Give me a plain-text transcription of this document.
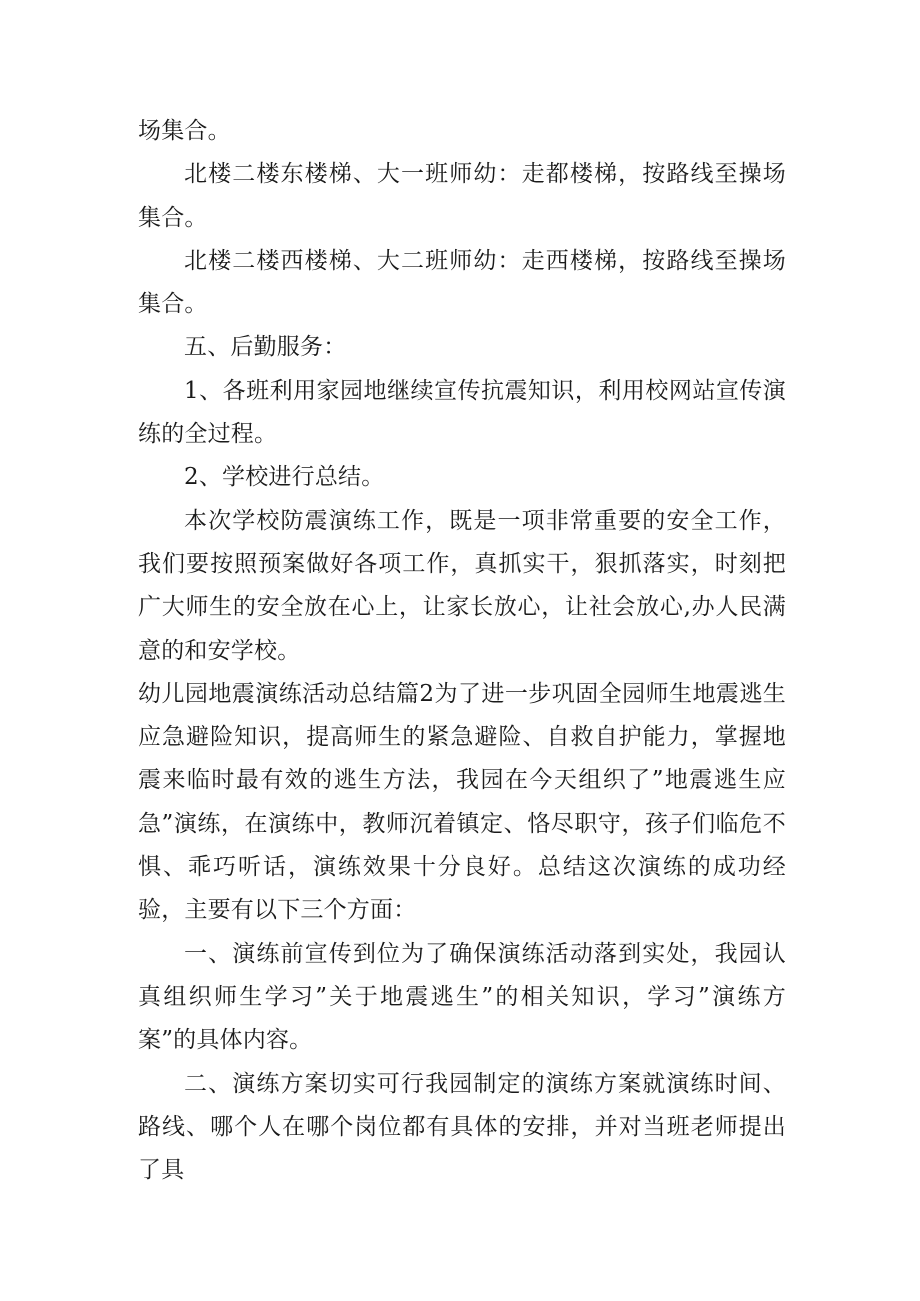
场集合。

北楼二楼东楼梯、大一班师幼：走都楼梯，按路线至操场集合。

北楼二楼西楼梯、大二班师幼：走西楼梯，按路线至操场集合。

五、后勤服务：

1、各班利用家园地继续宣传抗震知识，利用校网站宣传演练的全过程。

2、学校进行总结。

本次学校防震演练工作，既是一项非常重要的安全工作，我们要按照预案做好各项工作，真抓实干，狠抓落实，时刻把广大师生的安全放在心上，让家长放心，让社会放心,办人民满意的和安学校。

幼儿园地震演练活动总结篇2为了进一步巩固全园师生地震逃生应急避险知识，提高师生的紧急避险、自救自护能力，掌握地震来临时最有效的逃生方法，我园在今天组织了”地震逃生应急”演练，在演练中，教师沉着镇定、恪尽职守，孩子们临危不惧、乖巧听话，演练效果十分良好。总结这次演练的成功经验，主要有以下三个方面：

一、演练前宣传到位为了确保演练活动落到实处，我园认真组织师生学习”关于地震逃生”的相关知识，学习”演练方案”的具体内容。

二、演练方案切实可行我园制定的演练方案就演练时间、路线、哪个人在哪个岗位都有具体的安排，并对当班老师提出了具
